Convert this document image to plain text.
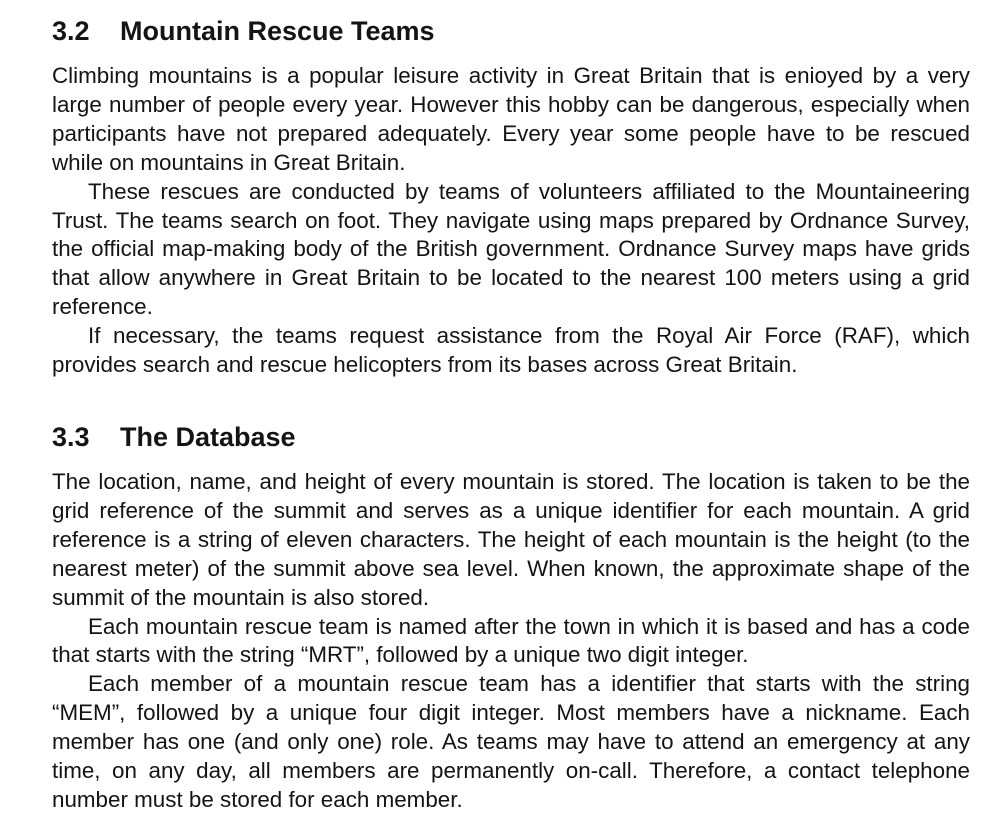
3.2 Mountain Rescue Teams

Climbing mountains is a popular leisure activity in Great Britain that is enioyed by a very large number of people every year. However this hobby can be dangerous, especially when participants have not prepared adequately. Every year some people have to be rescued while on mountains in Great Britain.

These rescues are conducted by teams of volunteers affiliated to the Mountaineering Trust. The teams search on foot. They navigate using maps prepared by Ordnance Survey, the official map-making body of the British government. Ordnance Survey maps have grids that allow anywhere in Great Britain to be located to the nearest 100 meters using a grid reference.

If necessary, the teams request assistance from the Royal Air Force (RAF), which provides search and rescue helicopters from its bases across Great Britain.

3.3 The Database

The location, name, and height of every mountain is stored. The location is taken to be the grid reference of the summit and serves as a unique identifier for each mountain. A grid reference is a string of eleven characters. The height of each mountain is the height (to the nearest meter) of the summit above sea level. When known, the approximate shape of the summit of the mountain is also stored.

Each mountain rescue team is named after the town in which it is based and has a code that starts with the string “MRT”, followed by a unique two digit integer.

Each member of a mountain rescue team has a identifier that starts with the string “MEM”, followed by a unique four digit integer. Most members have a nickname. Each member has one (and only one) role. As teams may have to attend an emergency at any time, on any day, all members are permanently on-call. Therefore, a contact telephone number must be stored for each member.
